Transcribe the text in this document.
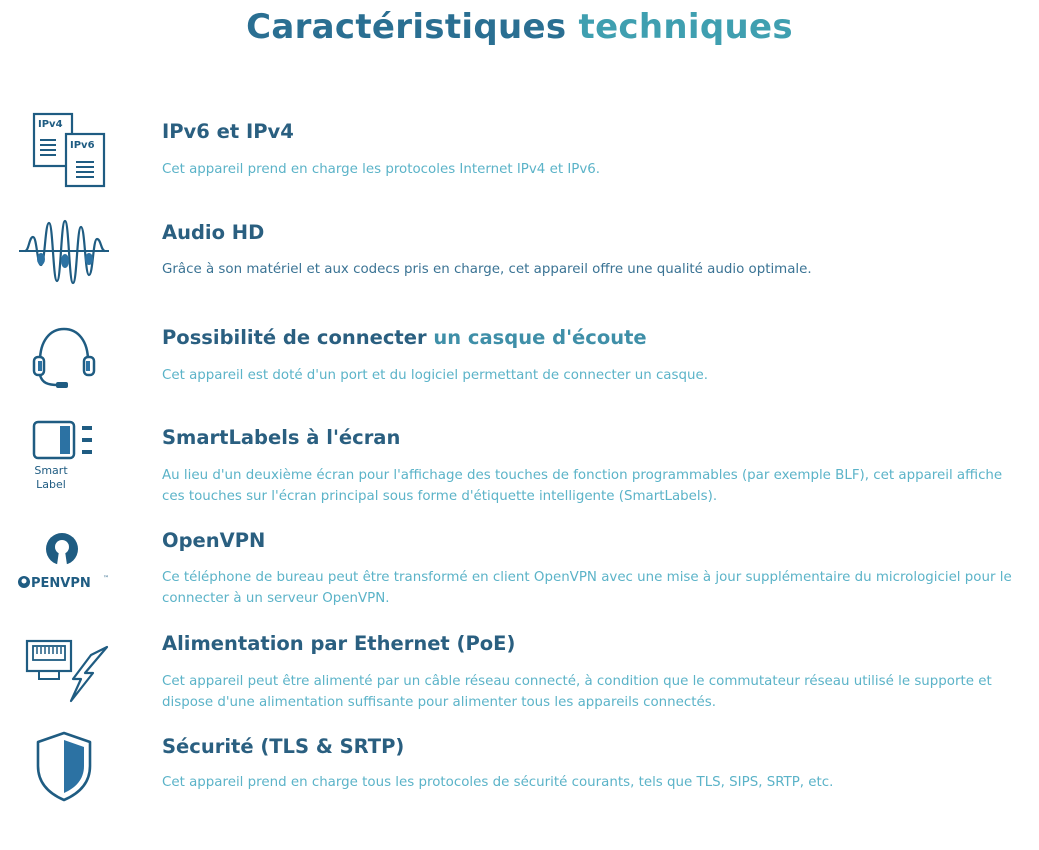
Caractéristiques techniques
IPv4
IPv6
IPv6 et IPv4

Cet appareil prend en charge les protocoles Internet IPv4 et IPv6.

Audio HD

Grâce à son matériel et aux codecs pris en charge, cet appareil offre une qualité audio optimale.

Possibilité de connecter un casque d'écoute

Cet appareil est doté d'un port et du logiciel permettant de connecter un casque.

Smart
Label
SmartLabels à l'écran

Au lieu d'un deuxième écran pour l'affichage des touches de fonction programmables (par exemple BLF), cet appareil affiche ces touches sur l'écran principal sous forme d'étiquette intelligente (SmartLabels).

PENVPN ™
OpenVPN

Ce téléphone de bureau peut être transformé en client OpenVPN avec une mise à jour supplémentaire du micrologiciel pour le connecter à un serveur OpenVPN.

Alimentation par Ethernet (PoE)

Cet appareil peut être alimenté par un câble réseau connecté, à condition que le commutateur réseau utilisé le supporte et dispose d'une alimentation suffisante pour alimenter tous les appareils connectés.

Sécurité (TLS & SRTP)

Cet appareil prend en charge tous les protocoles de sécurité courants, tels que TLS, SIPS, SRTP, etc.
